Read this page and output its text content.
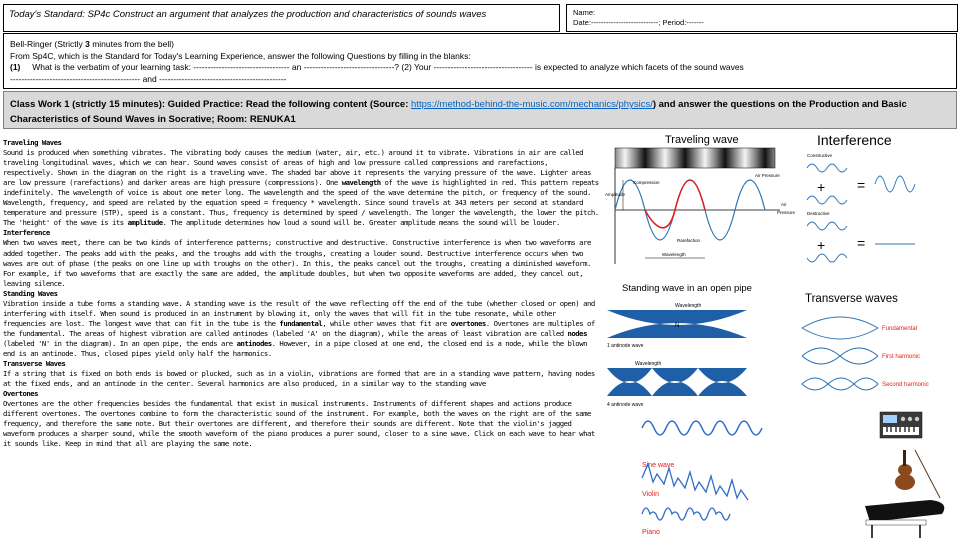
Today's Standard: SP4c Construct an argument that analyzes the production and characteristics of sounds waves	Name:
Date:---------------------------; Period:-------
Bell-Ringer (Strictly 3 minutes from the bell)
From Sp4C, which is the Standard for Today's Learning Experience, answer the following Questions by filling in the blanks:
(1) What is the verbatim of your learning task: ---------------------------------- an --------------------------------? (2) Your ----------------------------------- is expected to analyze which facets of the sound waves
---------------------------------------------- and ---------------------------------------------
Class Work 1 (strictly 15 minutes): Guided Practice: Read the following content (Source: https://method-behind-the-music.com/mechanics/physics/) and answer the questions on the Production and Basic Characteristics of Sound Waves in Socrative; Room: RENUKA1
Traveling Waves
Sound is produced when something vibrates. The vibrating body causes the medium (water, air, etc.) around it to vibrate. Vibrations in air are called traveling longitudinal waves, which we can hear. Sound waves consist of areas of high and low pressure called compressions and rarefactions, respectively. Shown in the diagram on the right is a traveling wave. The shaded bar above it represents the varying pressure of the wave. Lighter areas are low pressure (rarefactions) and darker areas are high pressure (compressions). One wavelength of the wave is highlighted in red. This pattern repeats indefinitely. The wavelength of voice is about one meter long. The wavelength and the speed of the wave determine the pitch, or frequency of the sound. Wavelength, frequency, and speed are related by the equation speed = frequency * wavelength. Since sound travels at 343 meters per second at standard temperature and pressure (STP), speed is a constant. Thus, frequency is determined by speed / wavelength. The longer the wavelength, the lower the pitch. The 'height' of the wave is its amplitude. The amplitude determines how loud a sound will be. Greater amplitude means the sound will be louder.
Interference
When two waves meet, there can be two kinds of interference patterns; constructive and destructive. Constructive interference is when two waveforms are added together. The peaks add with the peaks, and the troughs add with the troughs, creating a louder sound. Destructive interference occurs when two waves are out of phase (the peaks on one line up with troughs on the other). In this, the peaks cancel out the troughs, creating a diminished waveform. For example, if two waveforms that are exactly the same are added, the amplitude doubles, but when two opposite waveforms are added, they cancel out, leaving silence.
Standing Waves
Vibration inside a tube forms a standing wave. A standing wave is the result of the wave reflecting off the end of the tube (whether closed or open) and interfering with itself. When sound is produced in an instrument by blowing it, only the waves that will fit in the tube resonate, while other frequencies are lost. The longest wave that can fit in the tube is the fundamental, while other waves that fit are overtones. Overtones are multiples of the fundamental. The areas of highest vibration are called antinodes (labeled 'A' on the diagram), while the areas of least vibration are called nodes (labeled 'N' in the diagram). In an open pipe, the ends are antinodes. However, in a pipe closed at one end, the closed end is a node, while the blown end is an antinode. Thus, closed pipes yield only half the harmonics.
Transverse Waves
If a string that is fixed on both ends is bowed or plucked, such as in a violin, vibrations are formed that are in a standing wave pattern, having nodes at the fixed ends, and an antinode in the center. Several harmonics are also produced, in a similar way to the standing wave
Overtones
Overtones are the other frequencies besides the fundamental that exist in musical instruments. Instruments of different shapes and actions produce different overtones. The overtones combine to form the characteristic sound of the instrument. For example, both the waves on the right are of the same frequency, and therefore the same note. But their overtones are different, and therefore their sounds are different. Note that the violin's jagged waveform produces a sharper sound, while the smooth waveform of the piano produces a purer sound, closer to a sine wave. Click on each wave to hear what it sounds like. Keep in mind that all are playing the same note.
Traveling wave
Amplitude
Compression
Rarefaction
Air Pressure
Air
Pressure
Wavelength
Interference
Constructive
+ =
Destructive
+ =
Standing wave in an open pipe
Wavelength
A	N	A
1 antinode wave
Wavelength
A
4 antinode wave
Transverse waves
Fundamental
First harmonic
Second harmonic
Sine wave
Violin
Piano
